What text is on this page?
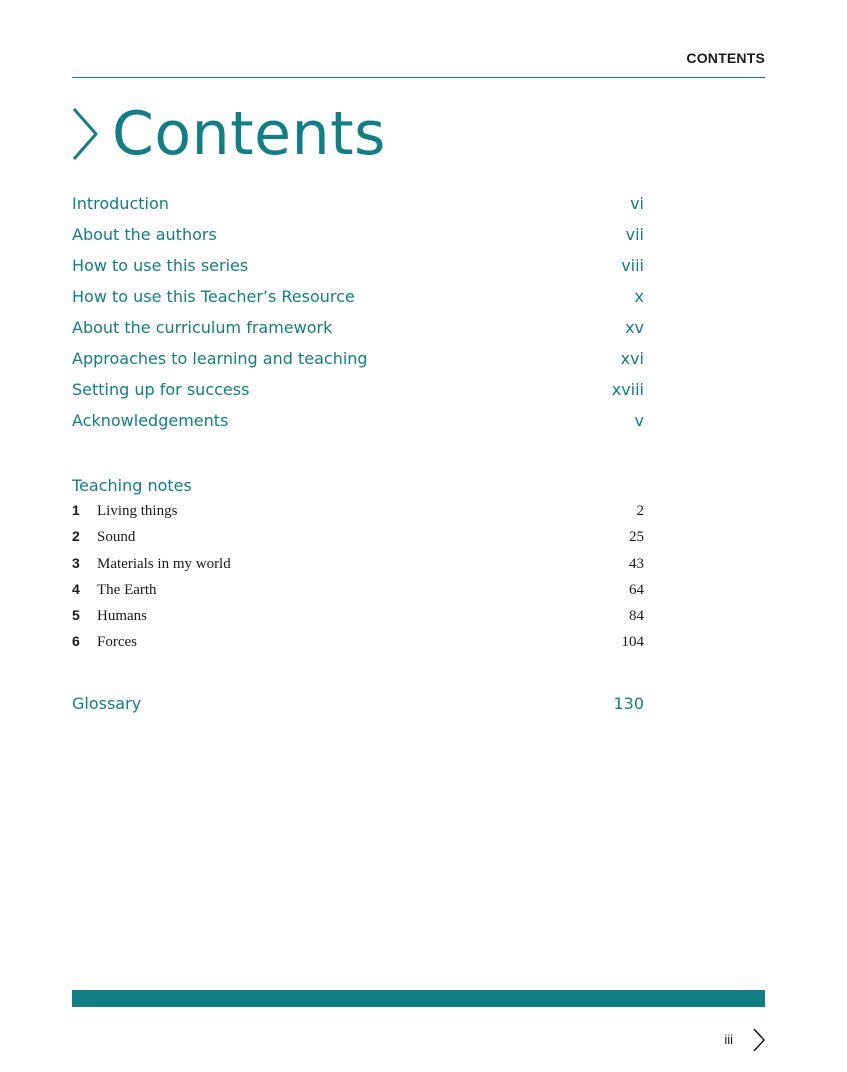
CONTENTS
Contents
Introduction	vi
About the authors	vii
How to use this series	viii
How to use this Teacher’s Resource	x
About the curriculum framework	xv
Approaches to learning and teaching	xvi
Setting up for success	xviii
Acknowledgements	v
Teaching notes
1	Living things	2
2	Sound	25
3	Materials in my world	43
4	The Earth	64
5	Humans	84
6	Forces	104
Glossary	130
iii
